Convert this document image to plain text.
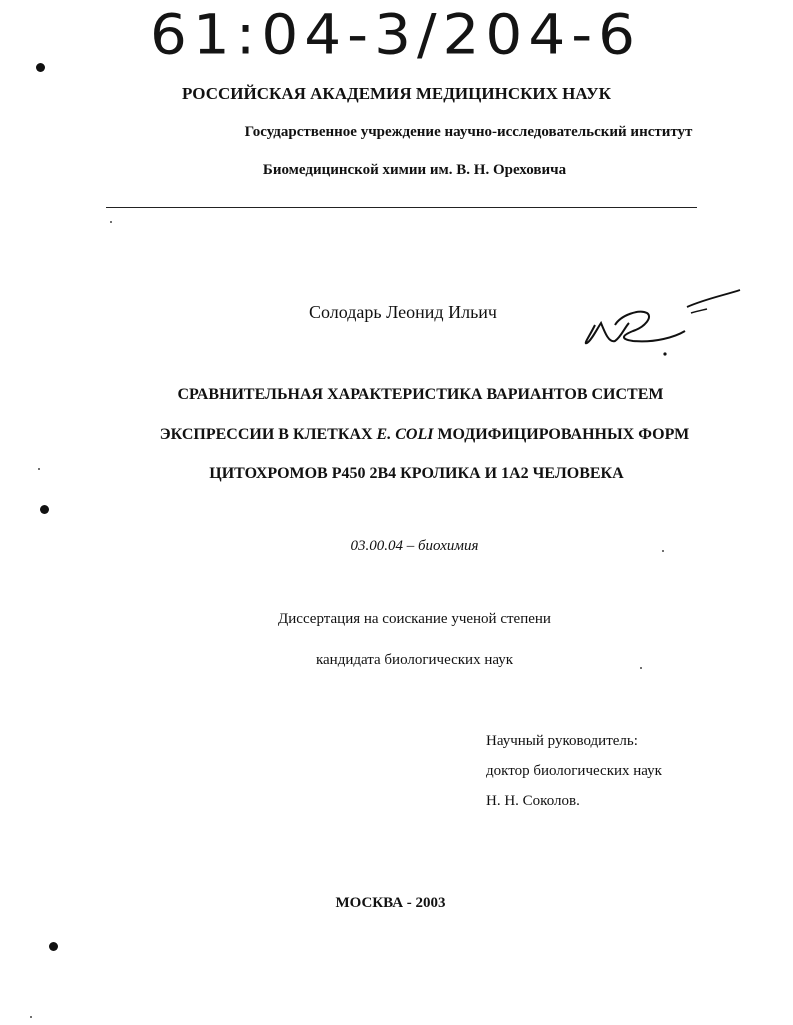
61:04-3/204-6
РОССИЙСКАЯ АКАДЕМИЯ МЕДИЦИНСКИХ НАУК
Государственное учреждение научно-исследовательский институт
Биомедицинской химии им. В. Н. Ореховича
Солодарь Леонид Ильич
СРАВНИТЕЛЬНАЯ ХАРАКТЕРИСТИКА ВАРИАНТОВ СИСТЕМ
ЭКСПРЕССИИ В КЛЕТКАХ E. COLI МОДИФИЦИРОВАННЫХ ФОРМ
ЦИТОХРОМОВ Р450 2В4 КРОЛИКА И 1А2 ЧЕЛОВЕКА
03.00.04 – биохимия
Диссертация на соискание ученой степени
кандидата биологических наук
Научный руководитель:
доктор биологических наук
Н. Н. Соколов.
МОСКВА - 2003
